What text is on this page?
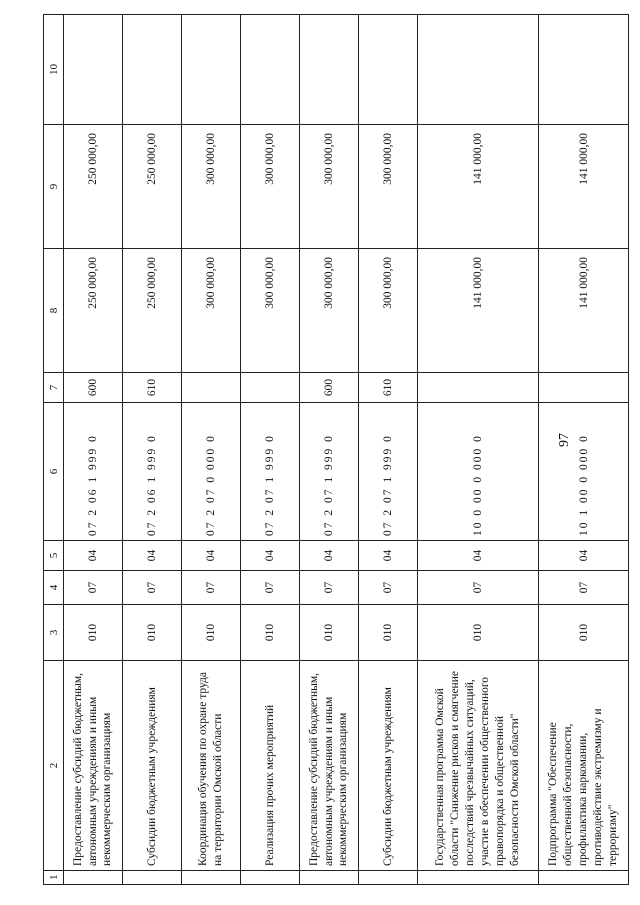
97
1	2	3	4	5	6	7	8	9	10
	Предоставление субсидий бюджетным, автономным учреждениям и иным некоммерческим организациям	010	07	04	07 2 06 1 999 0	600	250 000,00	250 000,00	
	Субсидии бюджетным учреждениям	010	07	04	07 2 06 1 999 0	610	250 000,00	250 000,00	
	Координация обучения по охране труда на территории Омской области	010	07	04	07 2 07 0 000 0		300 000,00	300 000,00	
	Реализация прочих мероприятий	010	07	04	07 2 07 1 999 0		300 000,00	300 000,00	
	Предоставление субсидий бюджетным, автономным учреждениям и иным некоммерческим организациям	010	07	04	07 2 07 1 999 0	600	300 000,00	300 000,00	
	Субсидии бюджетным учреждениям	010	07	04	07 2 07 1 999 0	610	300 000,00	300 000,00	
	Государственная программа Омской области "Снижение рисков и смягчение последствий чрезвычайных ситуаций, участие в обеспечении общественного правопорядка и общественной безопасности Омской области"	010	07	04	10 0 00 0 000 0		141 000,00	141 000,00	
	Подпрограмма "Обеспечение общественной безопасности, профилактика наркомании, противодействие экстремизму и терроризму"	010	07	04	10 1 00 0 000 0		141 000,00	141 000,00	
